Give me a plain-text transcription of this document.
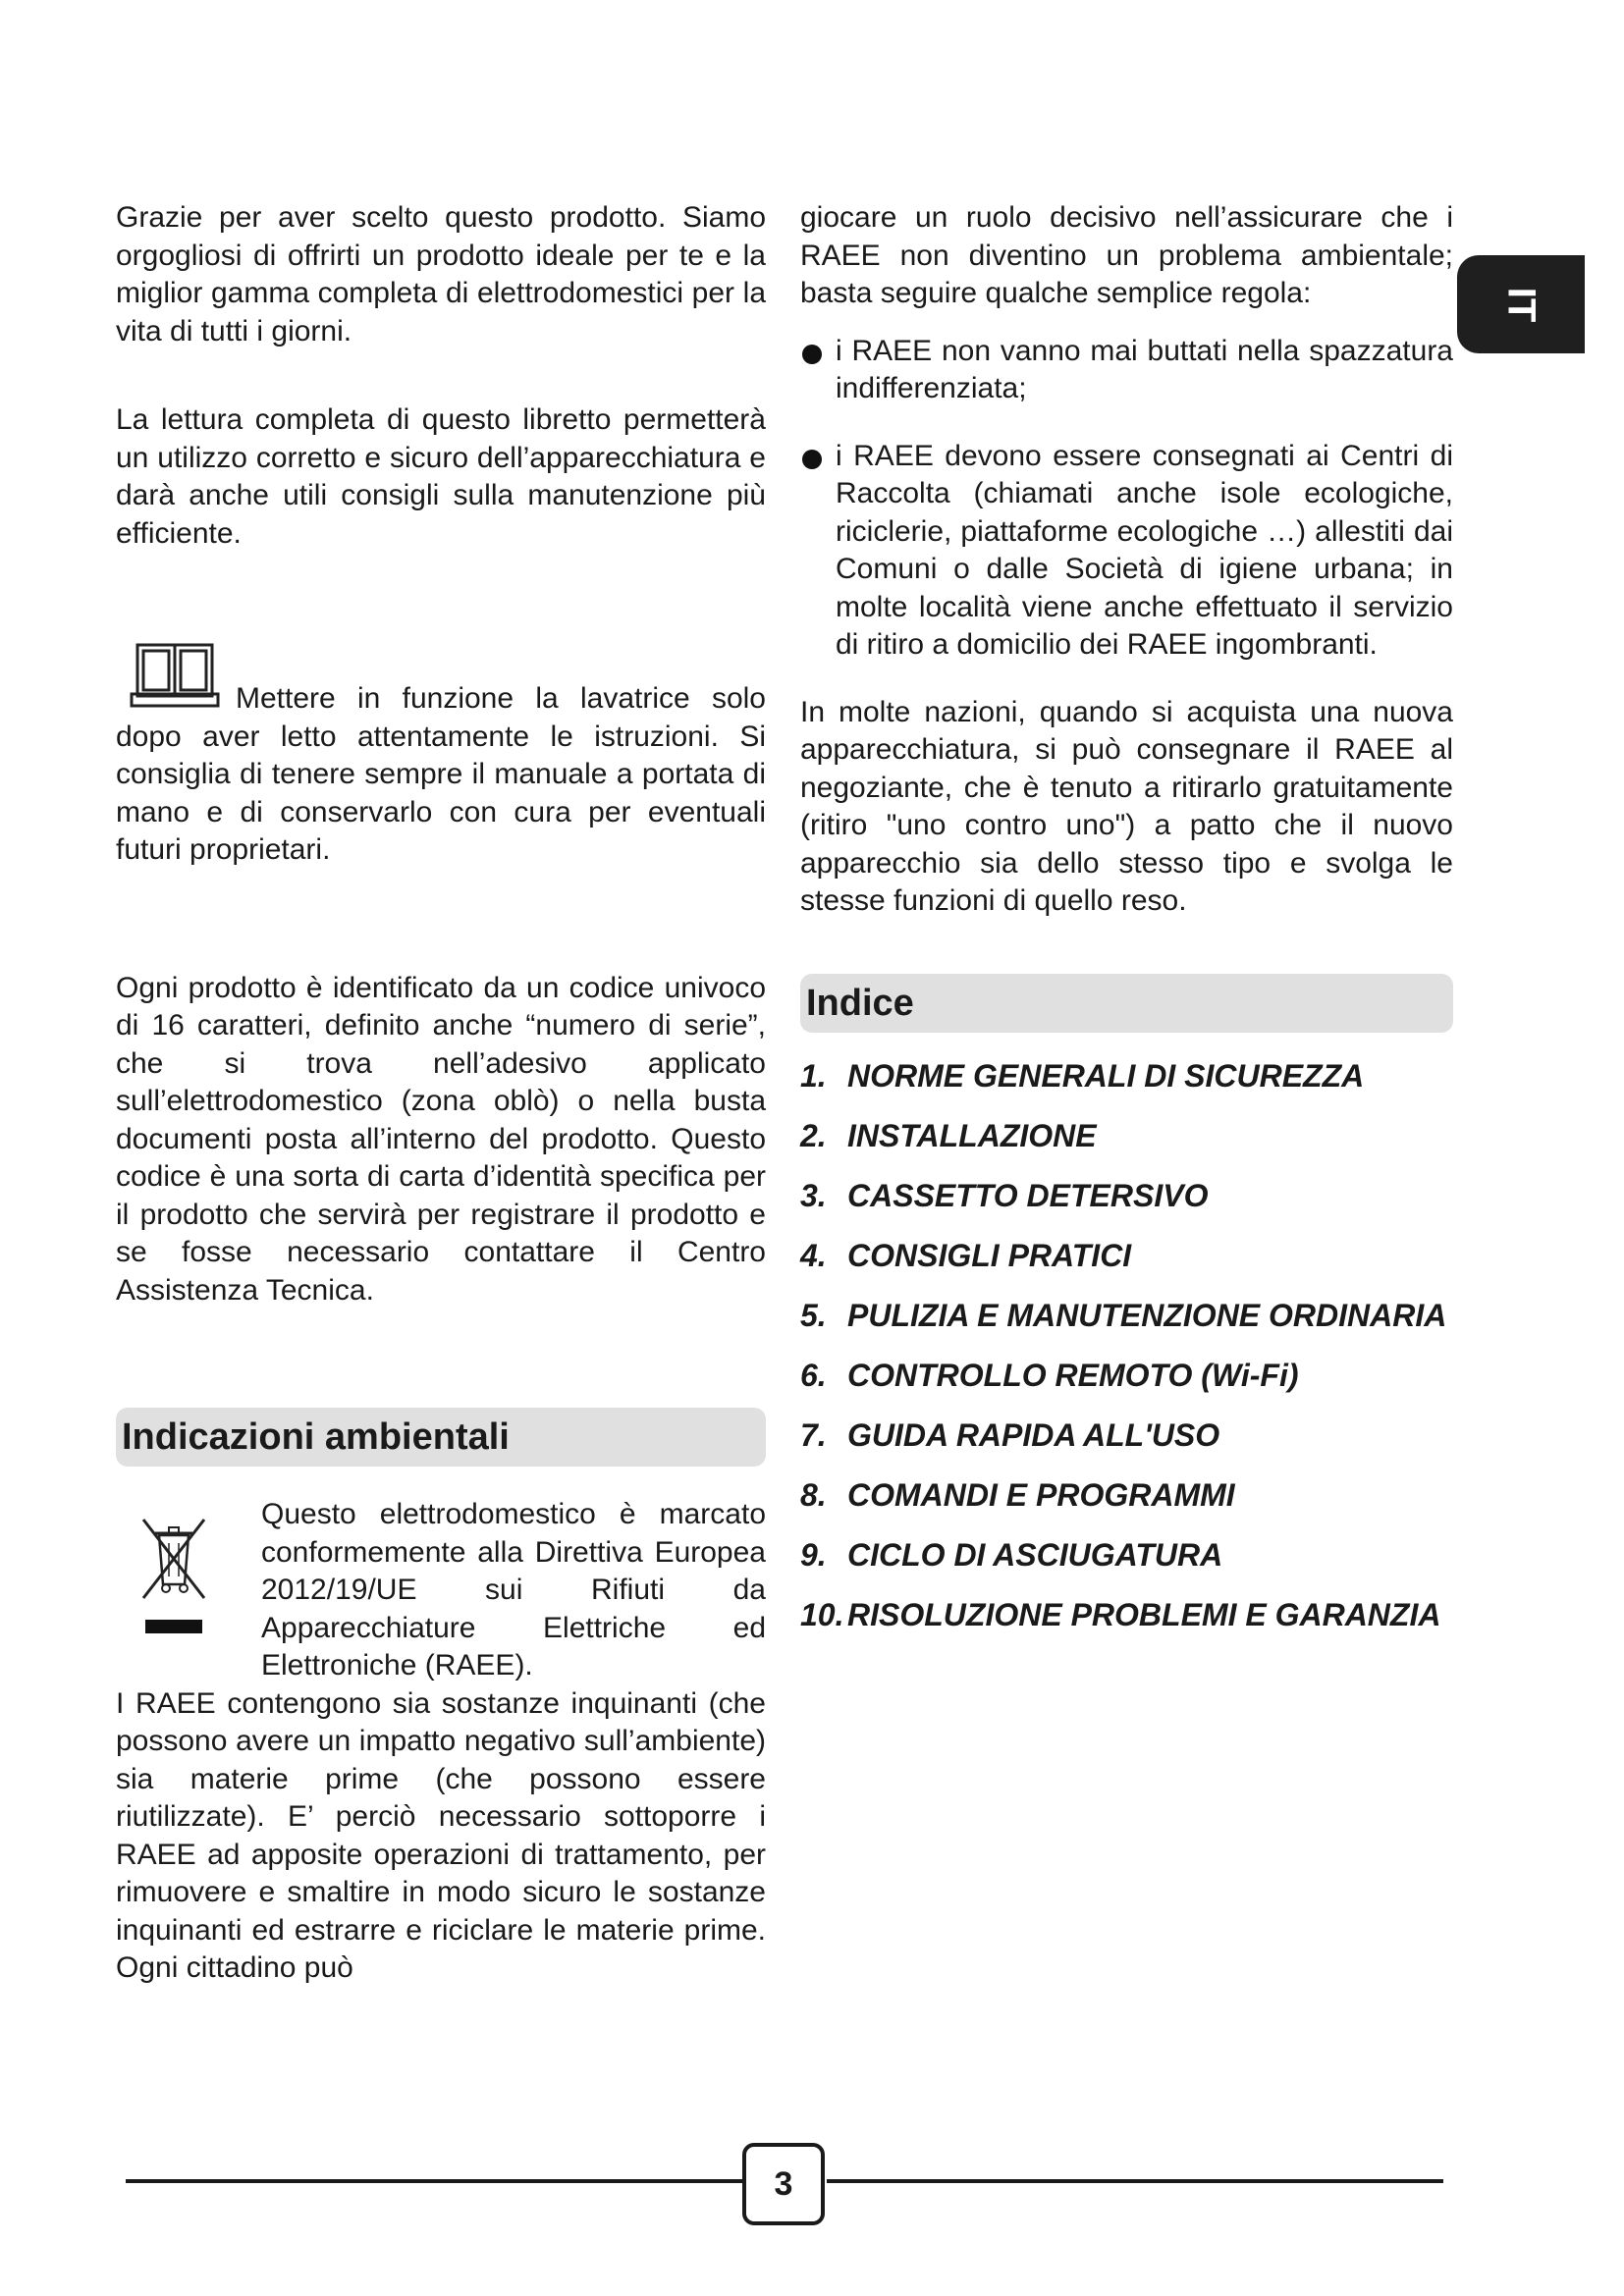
IT

Grazie per aver scelto questo prodotto. Siamo orgogliosi di offrirti un prodotto ideale per te e la miglior gamma completa di elettrodomestici per la vita di tutti i giorni.

La lettura completa di questo libretto permetterà un utilizzo corretto e sicuro dell’apparecchiatura e darà anche utili consigli sulla manutenzione più efficiente.

Mettere in funzione la lavatrice solo dopo aver letto attentamente le istruzioni. Si consiglia di tenere sempre il manuale a portata di mano e di conservarlo con cura per eventuali futuri proprietari.

Ogni prodotto è identificato da un codice univoco di 16 caratteri, definito anche “numero di serie”, che si trova nell’adesivo applicato sull’elettrodomestico (zona oblò) o nella busta documenti posta all’interno del prodotto. Questo codice è una sorta di carta d’identità specifica per il prodotto che servirà per registrare il prodotto e se fosse necessario contattare il Centro Assistenza Tecnica.

Indicazioni ambientali

Questo elettrodomestico è marcato conformemente alla Direttiva Europea 2012/19/UE sui Rifiuti da Apparecchiature Elettriche ed Elettroniche (RAEE).

I RAEE contengono sia sostanze inquinanti (che possono avere un impatto negativo sull’ambiente) sia materie prime (che possono essere riutilizzate). E’ perciò necessario sottoporre i RAEE ad apposite operazioni di trattamento, per rimuovere e smaltire in modo sicuro le sostanze inquinanti ed estrarre e riciclare le materie prime. Ogni cittadino può

giocare un ruolo decisivo nell’assicurare che i RAEE non diventino un problema ambientale; basta seguire qualche semplice regola:

i RAEE non vanno mai buttati nella spazzatura indifferenziata;
i RAEE devono essere consegnati ai Centri di Raccolta (chiamati anche isole ecologiche, riciclerie, piattaforme ecologiche …) allestiti dai Comuni o dalle Società di igiene urbana; in molte località viene anche effettuato il servizio di ritiro a domicilio dei RAEE ingombranti.

In molte nazioni, quando si acquista una nuova apparecchiatura, si può consegnare il RAEE al negoziante, che è tenuto a ritirarlo gratuitamente (ritiro "uno contro uno") a patto che il nuovo apparecchio sia dello stesso tipo e svolga le stesse funzioni di quello reso.

Indice
1. NORME GENERALI DI SICUREZZA
2. INSTALLAZIONE
3. CASSETTO DETERSIVO
4. CONSIGLI PRATICI
5. PULIZIA E MANUTENZIONE ORDINARIA
6. CONTROLLO REMOTO (Wi-Fi)
7. GUIDA RAPIDA ALL'USO
8. COMANDI E PROGRAMMI
9. CICLO DI ASCIUGATURA
10. RISOLUZIONE PROBLEMI E GARANZIA
3
